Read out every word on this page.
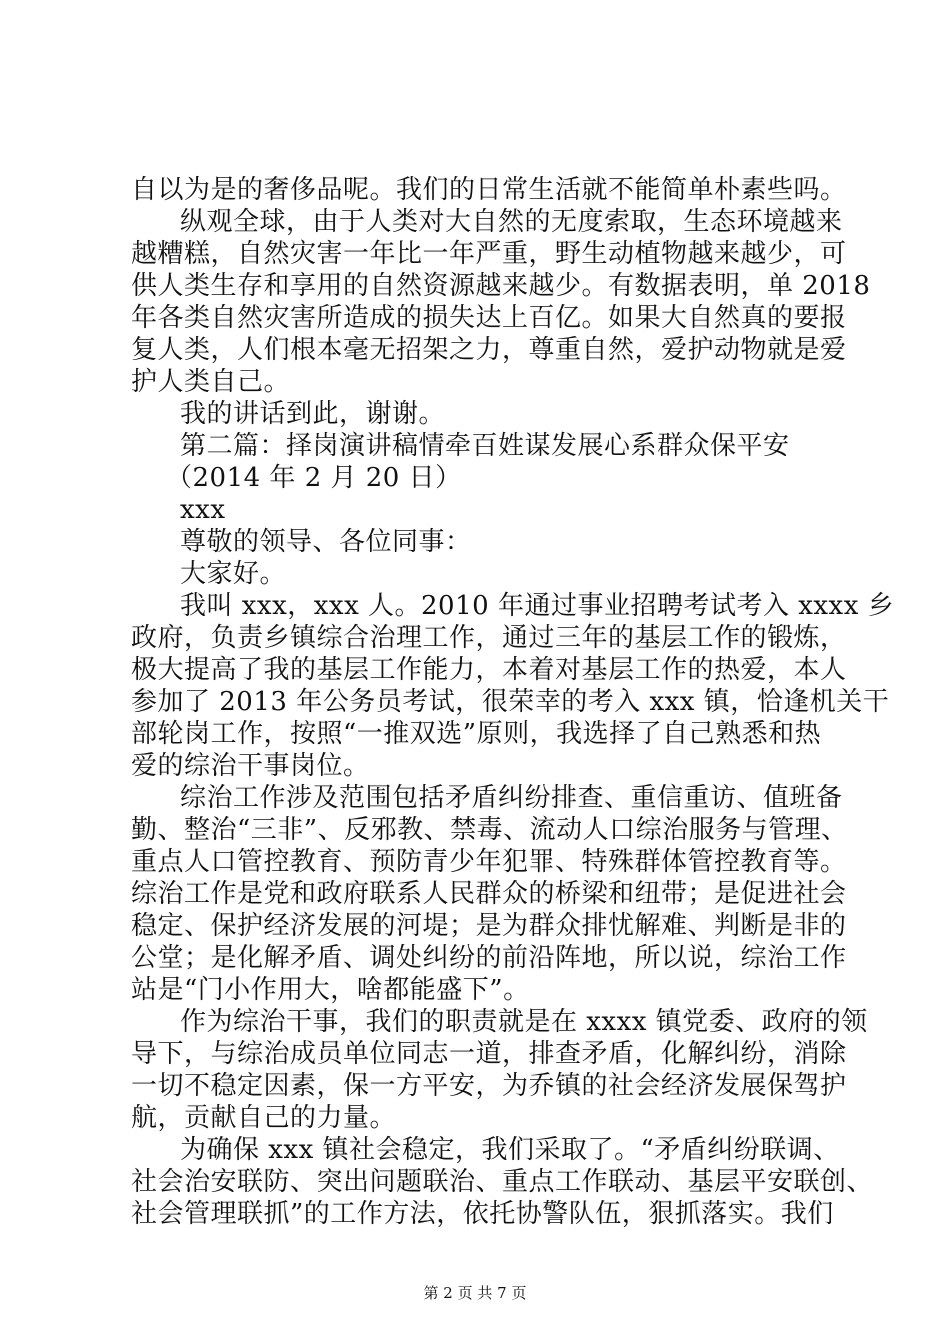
自以为是的奢侈品呢。我们的日常生活就不能简单朴素些吗。
纵观全球，由于人类对大自然的无度索取，生态环境越来
越糟糕，自然灾害一年比一年严重，野生动植物越来越少，可
供人类生存和享用的自然资源越来越少。有数据表明，单 2018
年各类自然灾害所造成的损失达上百亿。如果大自然真的要报
复人类，人们根本毫无招架之力，尊重自然，爱护动物就是爱
护人类自己。
我的讲话到此，谢谢。
第二篇：择岗演讲稿情牵百姓谋发展心系群众保平安
（2014 年 2 月 20 日）
xxx
尊敬的领导、各位同事：
大家好。
我叫 xxx，xxx 人。2010 年通过事业招聘考试考入 xxxx 乡
政府，负责乡镇综合治理工作，通过三年的基层工作的锻炼，
极大提高了我的基层工作能力，本着对基层工作的热爱，本人
参加了 2013 年公务员考试，很荣幸的考入 xxx 镇，恰逢机关干
部轮岗工作，按照“一推双选”原则，我选择了自己熟悉和热
爱的综治干事岗位。
综治工作涉及范围包括矛盾纠纷排查、重信重访、值班备
勤、整治“三非”、反邪教、禁毒、流动人口综治服务与管理、
重点人口管控教育、预防青少年犯罪、特殊群体管控教育等。
综治工作是党和政府联系人民群众的桥梁和纽带；是促进社会
稳定、保护经济发展的河堤；是为群众排忧解难、判断是非的
公堂；是化解矛盾、调处纠纷的前沿阵地，所以说，综治工作
站是“门小作用大，啥都能盛下”。
作为综治干事，我们的职责就是在 xxxx 镇党委、政府的领
导下，与综治成员单位同志一道，排查矛盾，化解纠纷，消除
一切不稳定因素，保一方平安，为乔镇的社会经济发展保驾护
航，贡献自己的力量。
为确保 xxx 镇社会稳定，我们采取了。“矛盾纠纷联调、
社会治安联防、突出问题联治、重点工作联动、基层平安联创、
社会管理联抓”的工作方法，依托协警队伍，狠抓落实。我们
第 2 页 共 7 页
